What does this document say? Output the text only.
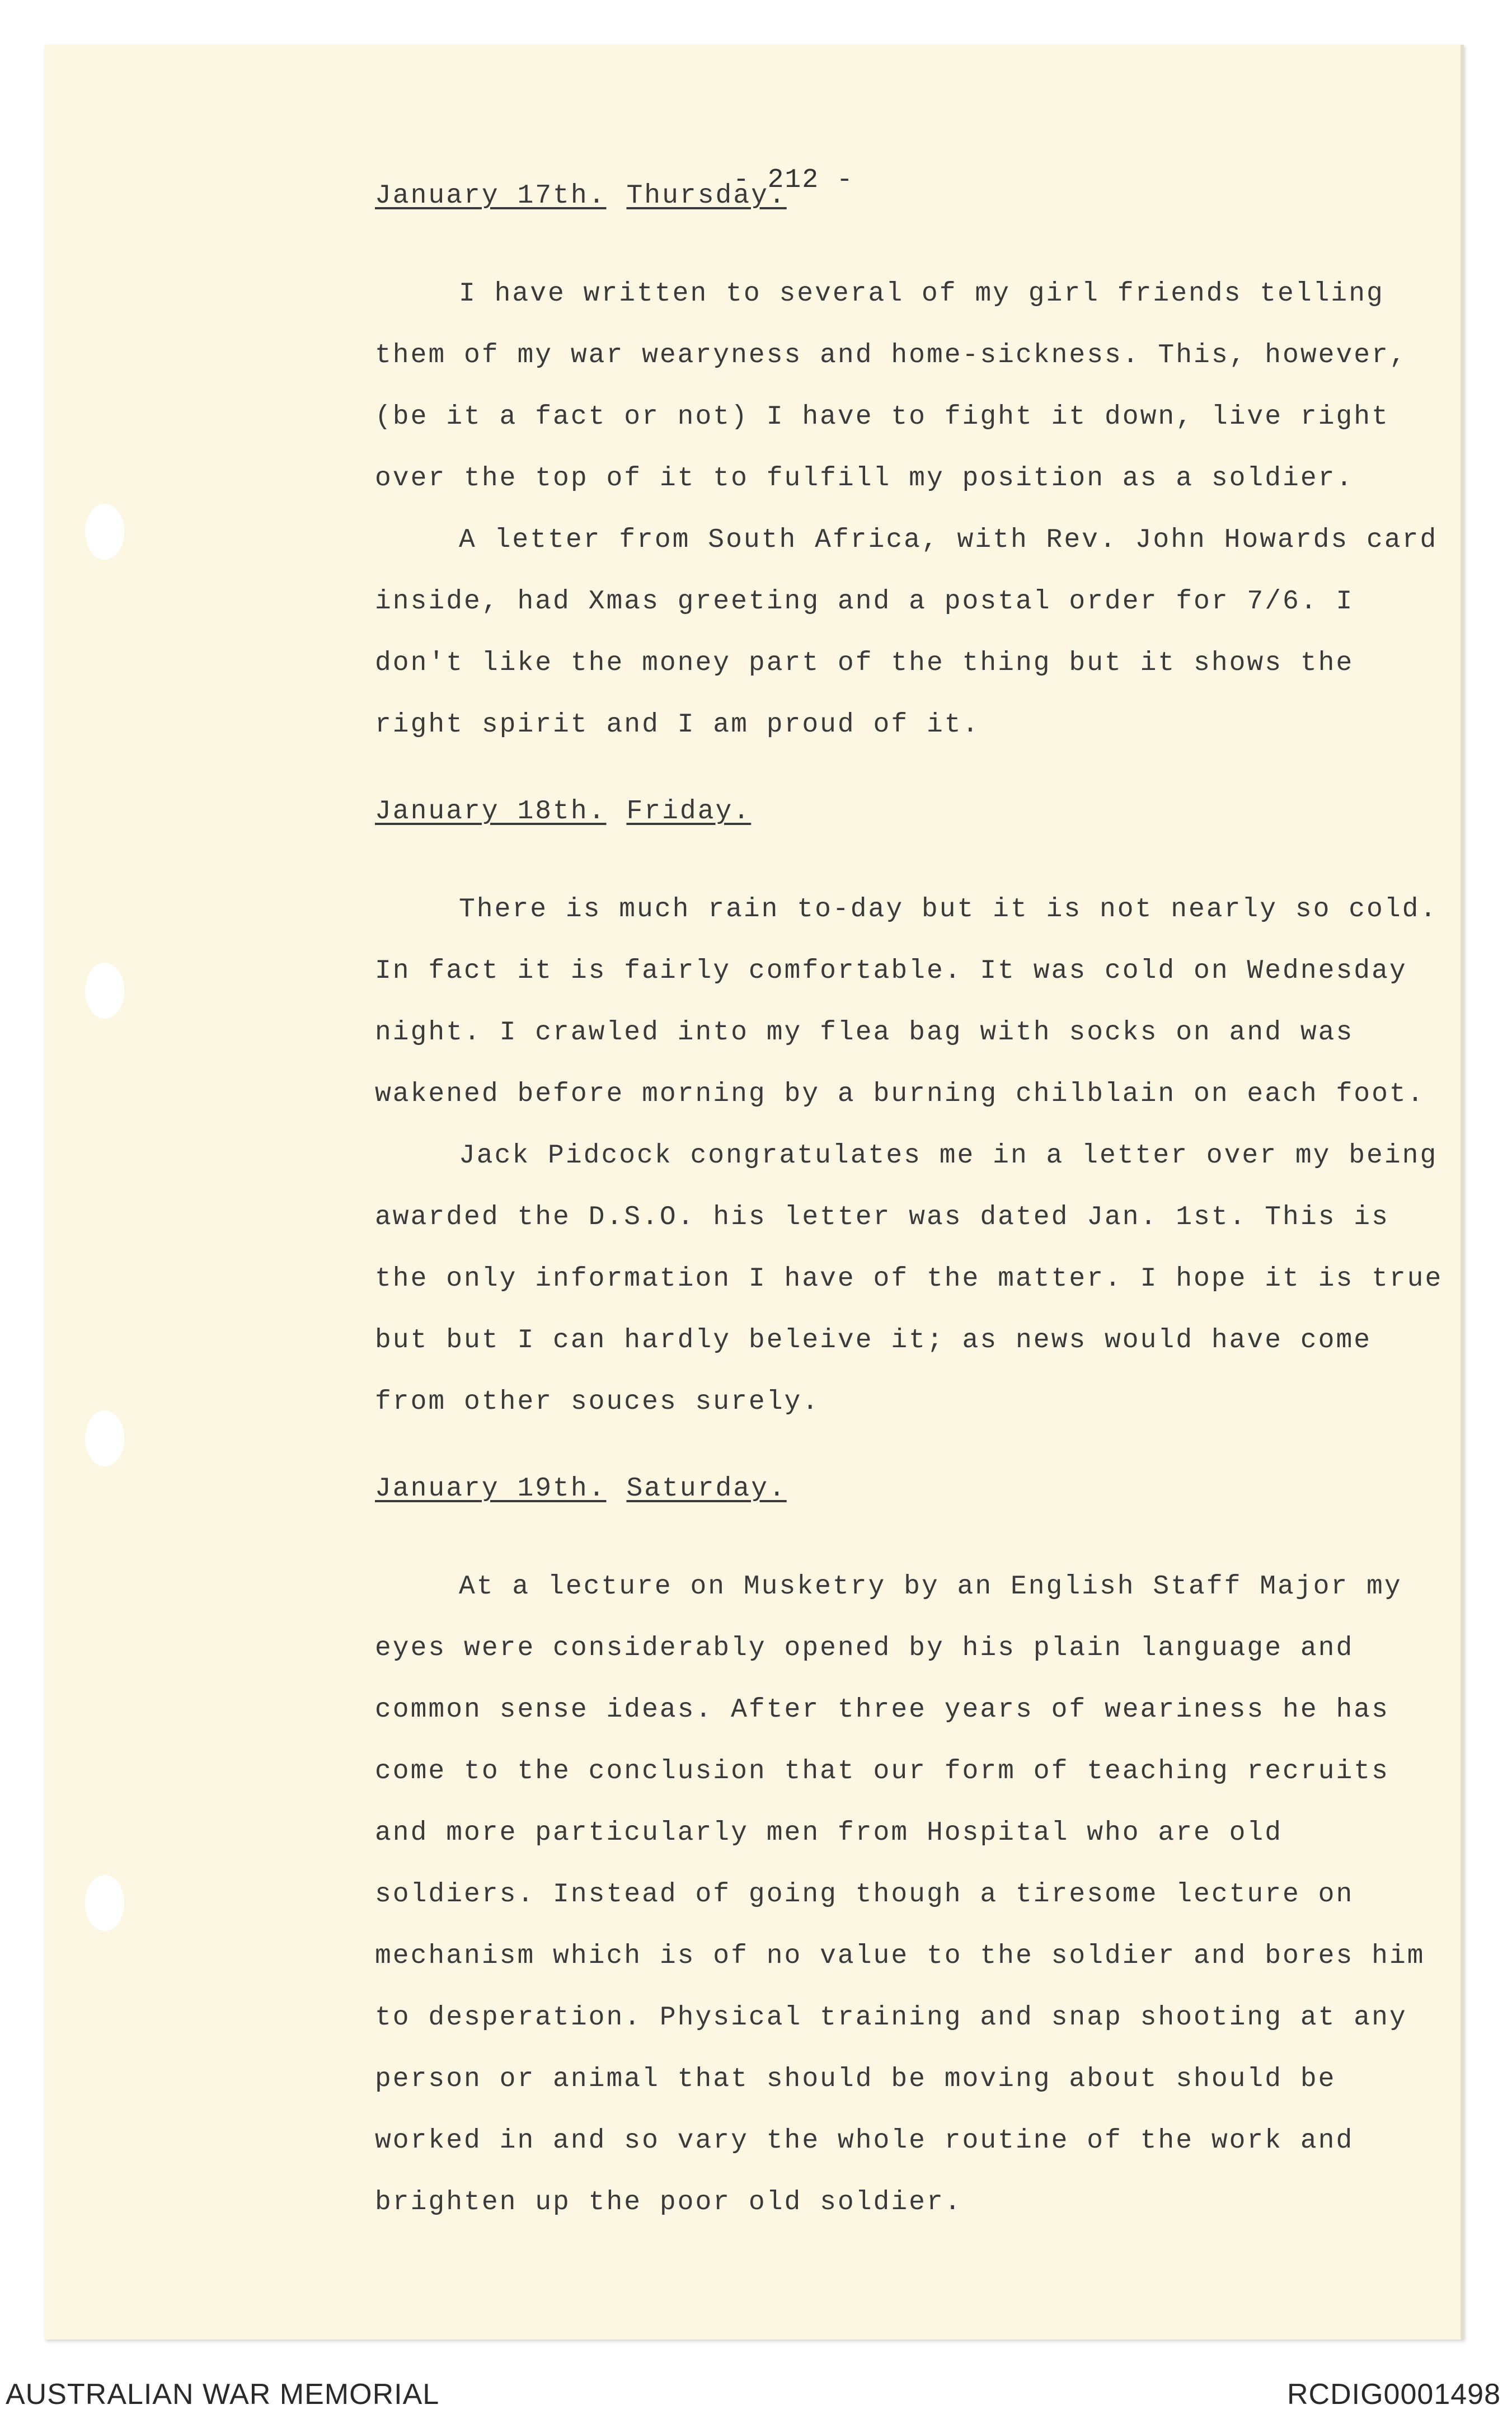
- 212 -
January 17th. Thursday.

I have written to several of my girl friends telling them of my war wearyness and home-sickness. This, however, (be it a fact or not) I have to fight it down, live right over the top of it to fulfill my position as a soldier.

A letter from South Africa, with Rev. John Howards card inside, had Xmas greeting and a postal order for 7/6. I don't like the money part of the thing but it shows the right spirit and I am proud of it.

January 18th. Friday.

There is much rain to-day but it is not nearly so cold. In fact it is fairly comfortable. It was cold on Wednesday night. I crawled into my flea bag with socks on and was wakened before morning by a burning chilblain on each foot.

Jack Pidcock congratulates me in a letter over my being awarded the D.S.O. his letter was dated Jan. 1st. This is the only information I have of the matter. I hope it is true but but I can hardly beleive it; as news would have come from other souces surely.

January 19th. Saturday.

At a lecture on Musketry by an English Staff Major my eyes were considerably opened by his plain language and common sense ideas. After three years of weariness he has come to the conclusion that our form of teaching recruits and more particularly men from Hospital who are old soldiers. Instead of going though a tiresome lecture on mechanism which is of no value to the soldier and bores him to desperation. Physical training and snap shooting at any person or animal that should be moving about should be worked in and so vary the whole routine of the work and brighten up the poor old soldier.

AUSTRALIAN WAR MEMORIAL	RCDIG0001498
